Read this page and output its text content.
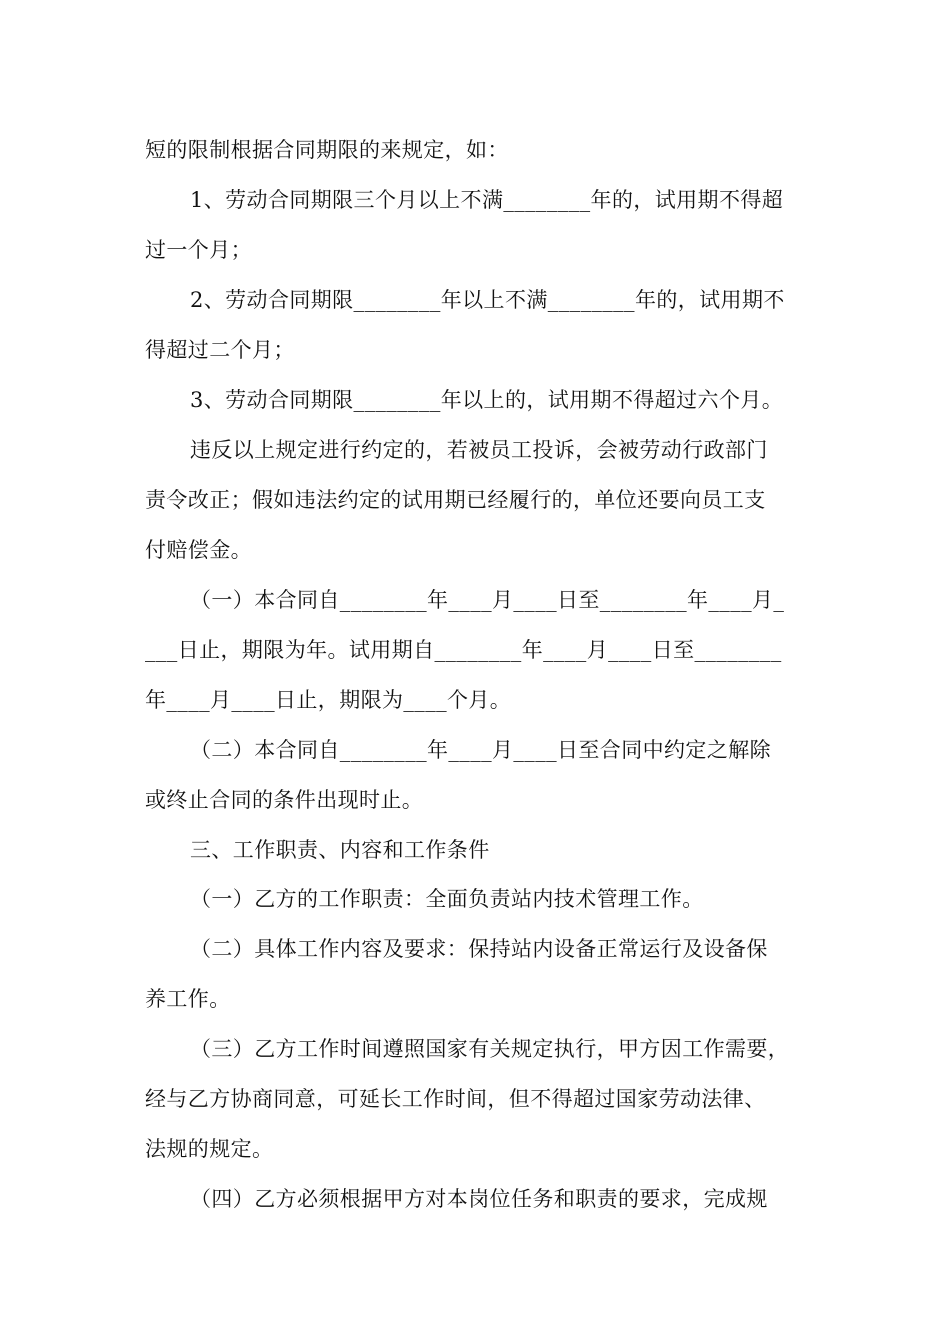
短的限制根据合同期限的来规定，如：
1、劳动合同期限三个月以上不满________年的，试用期不得超
过一个月；
2、劳动合同期限________年以上不满________年的，试用期不
得超过二个月；
3、劳动合同期限________年以上的，试用期不得超过六个月。
违反以上规定进行约定的，若被员工投诉，会被劳动行政部门
责令改正；假如违法约定的试用期已经履行的，单位还要向员工支
付赔偿金。
（一）本合同自________年____月____日至________年____月_
___日止，期限为年。试用期自________年____月____日至________
年____月____日止，期限为____个月。
（二）本合同自________年____月____日至合同中约定之解除
或终止合同的条件出现时止。
三、工作职责、内容和工作条件
（一）乙方的工作职责：全面负责站内技术管理工作。
（二）具体工作内容及要求：保持站内设备正常运行及设备保
养工作。
（三）乙方工作时间遵照国家有关规定执行，甲方因工作需要，
经与乙方协商同意，可延长工作时间，但不得超过国家劳动法律、
法规的规定。
（四）乙方必须根据甲方对本岗位任务和职责的要求，完成规
